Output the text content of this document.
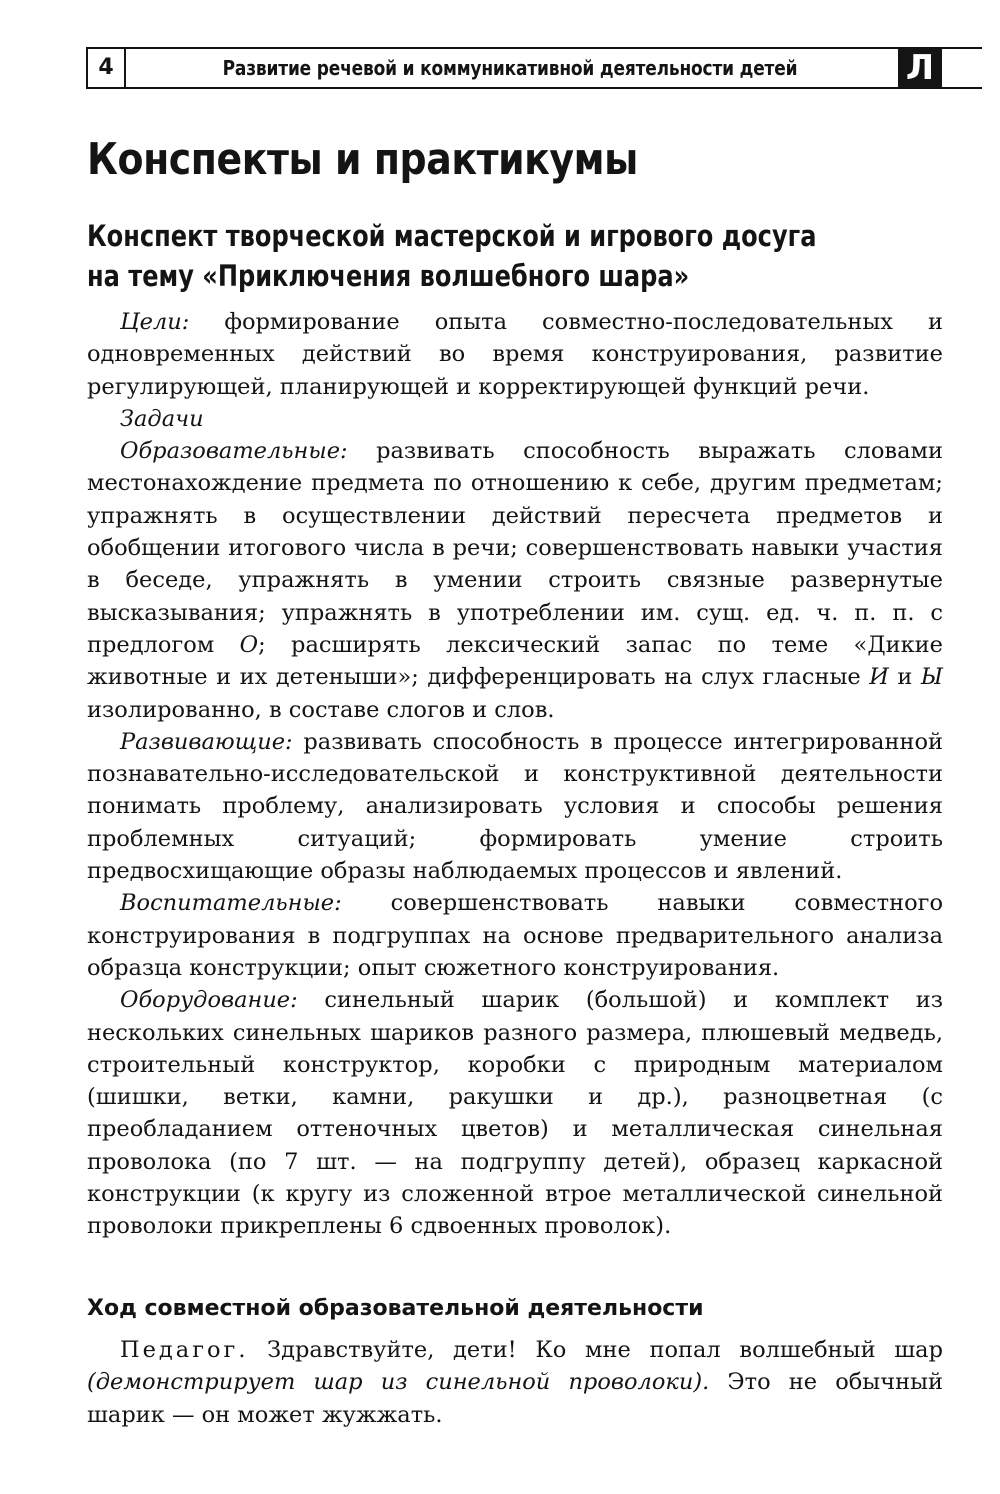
4	Развитие речевой и коммуникативной деятельности детей	Л
Конспекты и практикумы
Конспект творческой мастерской и игрового досуга
на тему «Приключения волшебного шара»

Цели: формирование опыта совместно-последовательных и одновременных действий во время конструирования, развитие регулирующей, планирующей и корректирующей функций речи.

Задачи

Образовательные: развивать способность выражать словами местонахождение предмета по отношению к себе, другим предметам; упражнять в осуществлении действий пересчета предметов и обобщении итогового числа в речи; совершенствовать навыки участия в беседе, упражнять в умении строить связные развернутые высказывания; упражнять в употреблении им. сущ. ед. ч. п. п. с предлогом О; расширять лексический запас по теме «Дикие животные и их детеныши»; дифференцировать на слух гласные И и Ы изолированно, в составе слогов и слов.

Развивающие: развивать способность в процессе интегрированной познавательно-исследовательской и конструктивной деятельности понимать проблему, анализировать условия и способы решения проблемных ситуаций; формировать умение строить предвосхищающие образы наблюдаемых процессов и явлений.

Воспитательные: совершенствовать навыки совместного конструирования в подгруппах на основе предварительного анализа образца конструкции; опыт сюжетного конструирования.

Оборудование: синельный шарик (большой) и комплект из нескольких синельных шариков разного размера, плюшевый медведь, строительный конструктор, коробки с природным материалом (шишки, ветки, камни, ракушки и др.), разноцветная (с преобладанием оттеночных цветов) и металлическая синельная проволока (по 7 шт. — на подгруппу детей), образец каркасной конструкции (к кругу из сложенной втрое металлической синельной проволоки прикреплены 6 сдвоенных проволок).

Ход совместной образовательной деятельности

Педагог. Здравствуйте, дети! Ко мне попал волшебный шар (демонстрирует шар из синельной проволоки). Это не обычный шарик — он может жужжать.
